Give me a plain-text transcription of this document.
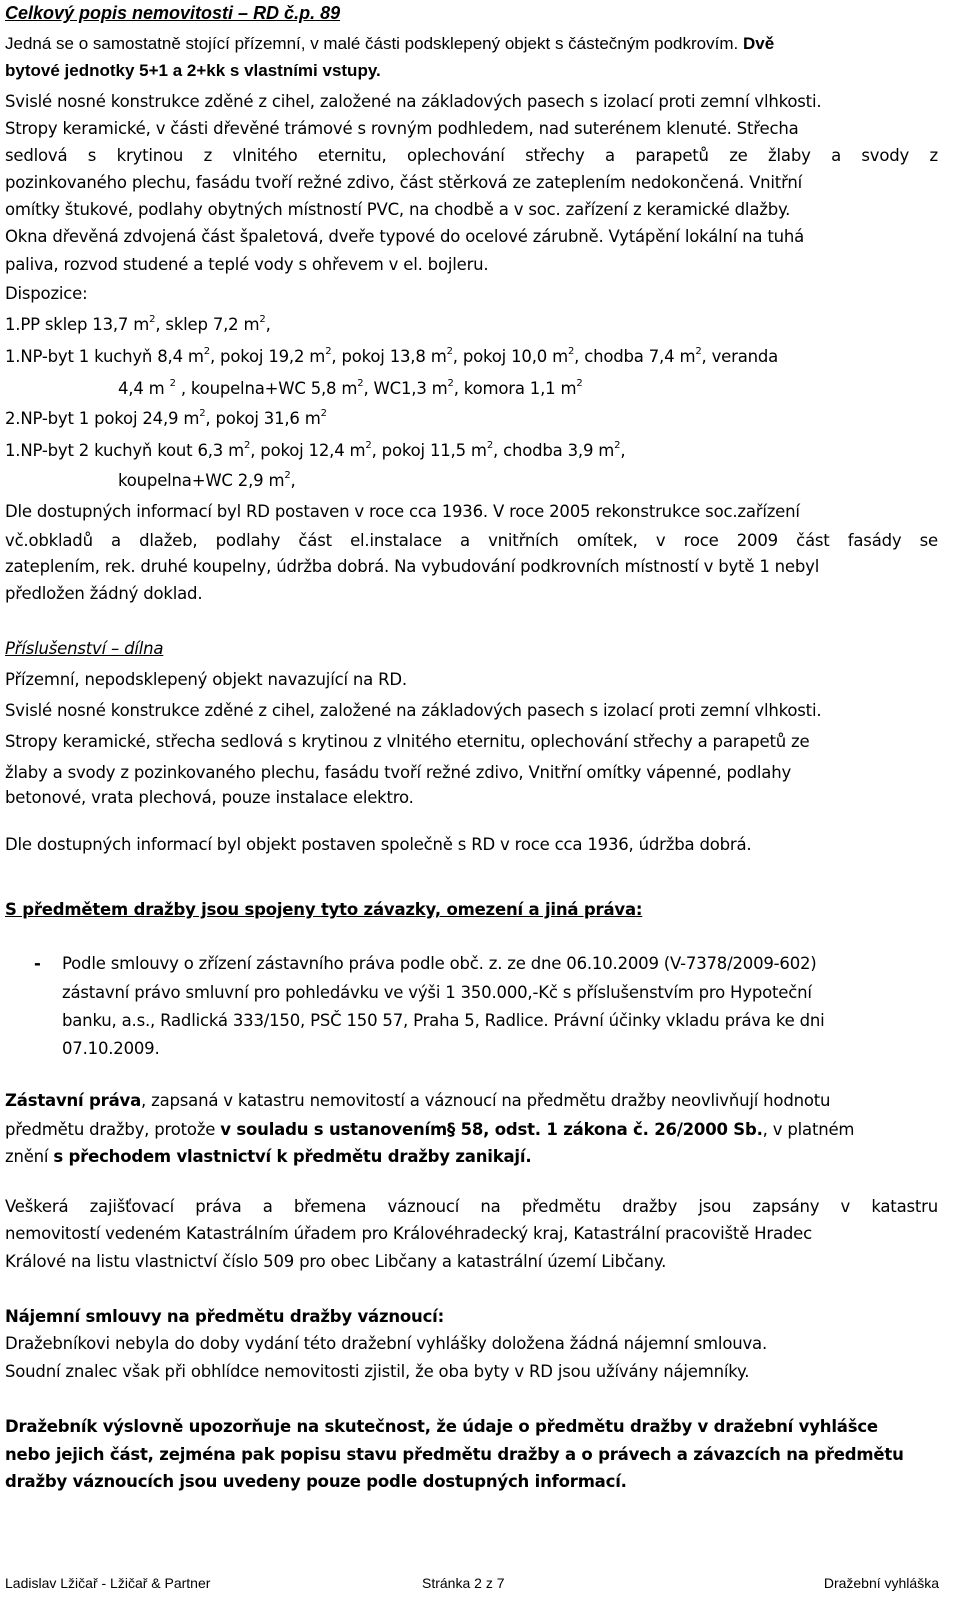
Celkový popis nemovitosti – RD č.p. 89
Jedná se o samostatně stojící přízemní, v malé části podsklepený objekt s částečným podkrovím. Dvě
bytové jednotky 5+1 a 2+kk s vlastními vstupy.
Svislé nosné konstrukce zděné z cihel, založené na základových pasech s izolací proti zemní vlhkosti.
Stropy keramické, v části dřevěné trámové s rovným podhledem, nad suterénem klenuté. Střecha
sedlová s krytinou z vlnitého eternitu, oplechování střechy a parapetů ze žlaby a svody z
pozinkovaného plechu, fasádu tvoří režné zdivo, část stěrková ze zateplením nedokončená. Vnitřní
omítky štukové, podlahy obytných místností PVC, na chodbě a v soc. zařízení z keramické dlažby.
Okna dřevěná zdvojená část špaletová, dveře typové do ocelové zárubně. Vytápění lokální na tuhá
paliva, rozvod studené a teplé vody s ohřevem v el. bojleru.
Dispozice:
1.PP sklep 13,7 $m^2$, sklep 7,2 $m^2$,
1.NP-byt 1 kuchyň 8,4 $m^2$, pokoj 19,2 $m^2$, pokoj 13,8 $m^2$, pokoj 10,0 $m^2$, chodba 7,4 $m^2$, veranda
4,4 m $^2$ , koupelna+WC 5,8 $m^2$, WC1,3 $m^2$, komora 1,1 $m^2$
2.NP-byt 1 pokoj 24,9 $m^2$, pokoj 31,6 $m^2$
1.NP-byt 2 kuchyň kout 6,3 $m^2$, pokoj 12,4 $m^2$, pokoj 11,5 $m^2$, chodba 3,9 $m^2$,
koupelna+WC 2,9 $m^2$,
Dle dostupných informací byl RD postaven v roce cca 1936. V roce 2005 rekonstrukce soc.zařízení
vč.obkladů a dlažeb, podlahy část el.instalace a vnitřních omítek, v roce 2009 část fasády se
zateplením, rek. druhé koupelny, údržba dobrá. Na vybudování podkrovních místností v bytě 1 nebyl
předložen žádný doklad.
Příslušenství – dílna
Přízemní, nepodsklepený objekt navazující na RD.
Svislé nosné konstrukce zděné z cihel, založené na základových pasech s izolací proti zemní vlhkosti.
Stropy keramické, střecha sedlová s krytinou z vlnitého eternitu, oplechování střechy a parapetů ze
žlaby a svody z pozinkovaného plechu, fasádu tvoří režné zdivo, Vnitřní omítky vápenné, podlahy
betonové, vrata plechová, pouze instalace elektro.
Dle dostupných informací byl objekt postaven společně s RD v roce cca 1936, údržba dobrá.
S předmětem dražby jsou spojeny tyto závazky, omezení a jiná práva:
- Podle smlouvy o zřízení zástavního práva podle obč. z. ze dne 06.10.2009 (V-7378/2009-602)
zástavní právo smluvní pro pohledávku ve výši 1 350.000,-Kč s příslušenstvím pro Hypoteční
banku, a.s., Radlická 333/150, PSČ 150 57, Praha 5, Radlice. Právní účinky vkladu práva ke dni
07.10.2009.
Zástavní práva, zapsaná v katastru nemovitostí a váznoucí na předmětu dražby neovlivňují hodnotu
předmětu dražby, protože v souladu s ustanovením§ 58, odst. 1 zákona č. 26/2000 Sb., v platném
znění s přechodem vlastnictví k předmětu dražby zanikají.
Veškerá zajišťovací práva a břemena váznoucí na předmětu dražby jsou zapsány v katastru
nemovitostí vedeném Katastrálním úřadem pro Královéhradecký kraj, Katastrální pracoviště Hradec
Králové na listu vlastnictví číslo 509 pro obec Libčany a katastrální území Libčany.
Nájemní smlouvy na předmětu dražby váznoucí:
Dražebníkovi nebyla do doby vydání této dražební vyhlášky doložena žádná nájemní smlouva.
Soudní znalec však při obhlídce nemovitosti zjistil, že oba byty v RD jsou užívány nájemníky.
Dražebník výslovně upozorňuje na skutečnost, že údaje o předmětu dražby v dražební vyhlášce
nebo jejich část, zejména pak popisu stavu předmětu dražby a o právech a závazcích na předmětu
dražby váznoucích jsou uvedeny pouze podle dostupných informací.
Ladislav Lžičař - Lžičař & Partner	Stránka 2 z 7	Dražební vyhláška
